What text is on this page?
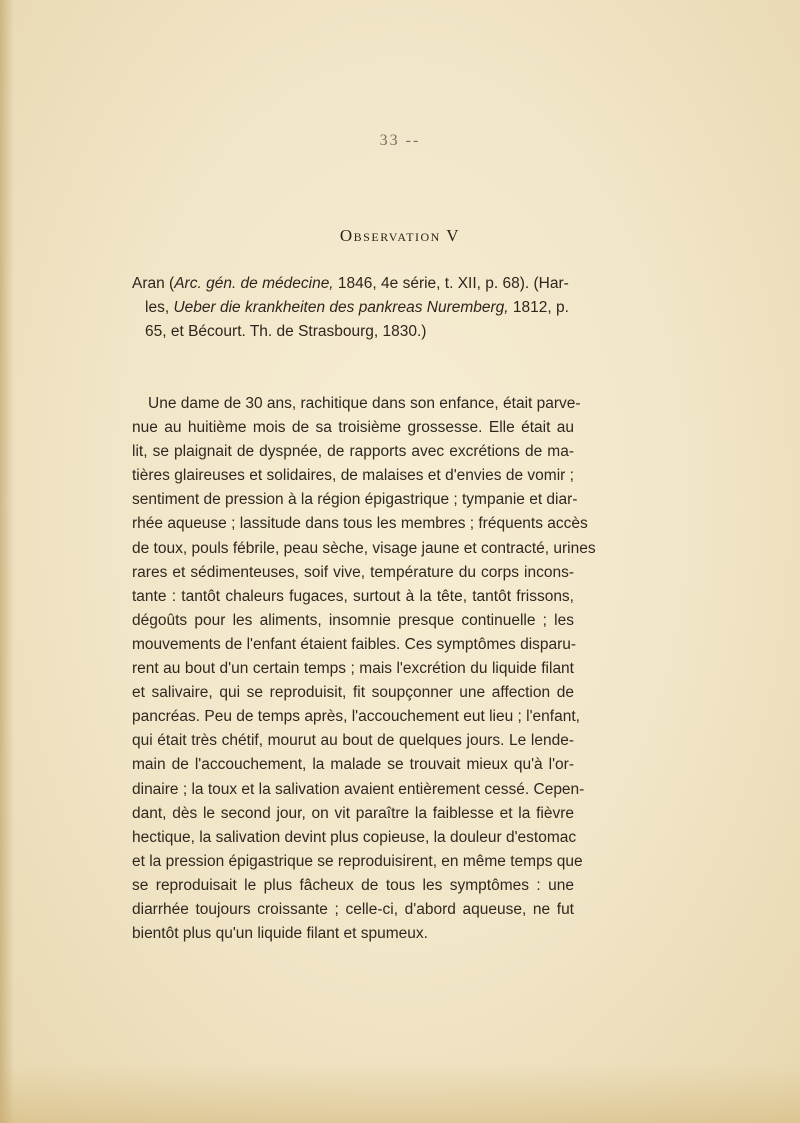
33 --
Observation V

Aran (Arc. gén. de médecine, 1846, 4e série, t. XII, p. 68). (Har-
les, Ueber die krankheiten des pankreas Nuremberg, 1812, p.
65, et Bécourt. Th. de Strasbourg, 1830.)

Une dame de 30 ans, rachitique dans son enfance, était parve-
nue au huitième mois de sa troisième grossesse. Elle était au
lit, se plaignait de dyspnée, de rapports avec excrétions de ma-
tières glaireuses et solidaires, de malaises et d'envies de vomir ;
sentiment de pression à la région épigastrique ; tympanie et diar-
rhée aqueuse ; lassitude dans tous les membres ; fréquents accès
de toux, pouls fébrile, peau sèche, visage jaune et contracté, urines
rares et sédimenteuses, soif vive, température du corps incons-
tante : tantôt chaleurs fugaces, surtout à la tête, tantôt frissons,
dégoûts pour les aliments, insomnie presque continuelle ; les
mouvements de l'enfant étaient faibles. Ces symptômes disparu-
rent au bout d'un certain temps ; mais l'excrétion du liquide filant
et salivaire, qui se reproduisit, fit soupçonner une affection de
pancréas. Peu de temps après, l'accouchement eut lieu ; l'enfant,
qui était très chétif, mourut au bout de quelques jours. Le lende-
main de l'accouchement, la malade se trouvait mieux qu'à l'or-
dinaire ; la toux et la salivation avaient entièrement cessé. Cepen-
dant, dès le second jour, on vit paraître la faiblesse et la fièvre
hectique, la salivation devint plus copieuse, la douleur d'estomac
et la pression épigastrique se reproduisirent, en même temps que
se reproduisait le plus fâcheux de tous les symptômes : une
diarrhée toujours croissante ; celle-ci, d'abord aqueuse, ne fut
bientôt plus qu'un liquide filant et spumeux.
